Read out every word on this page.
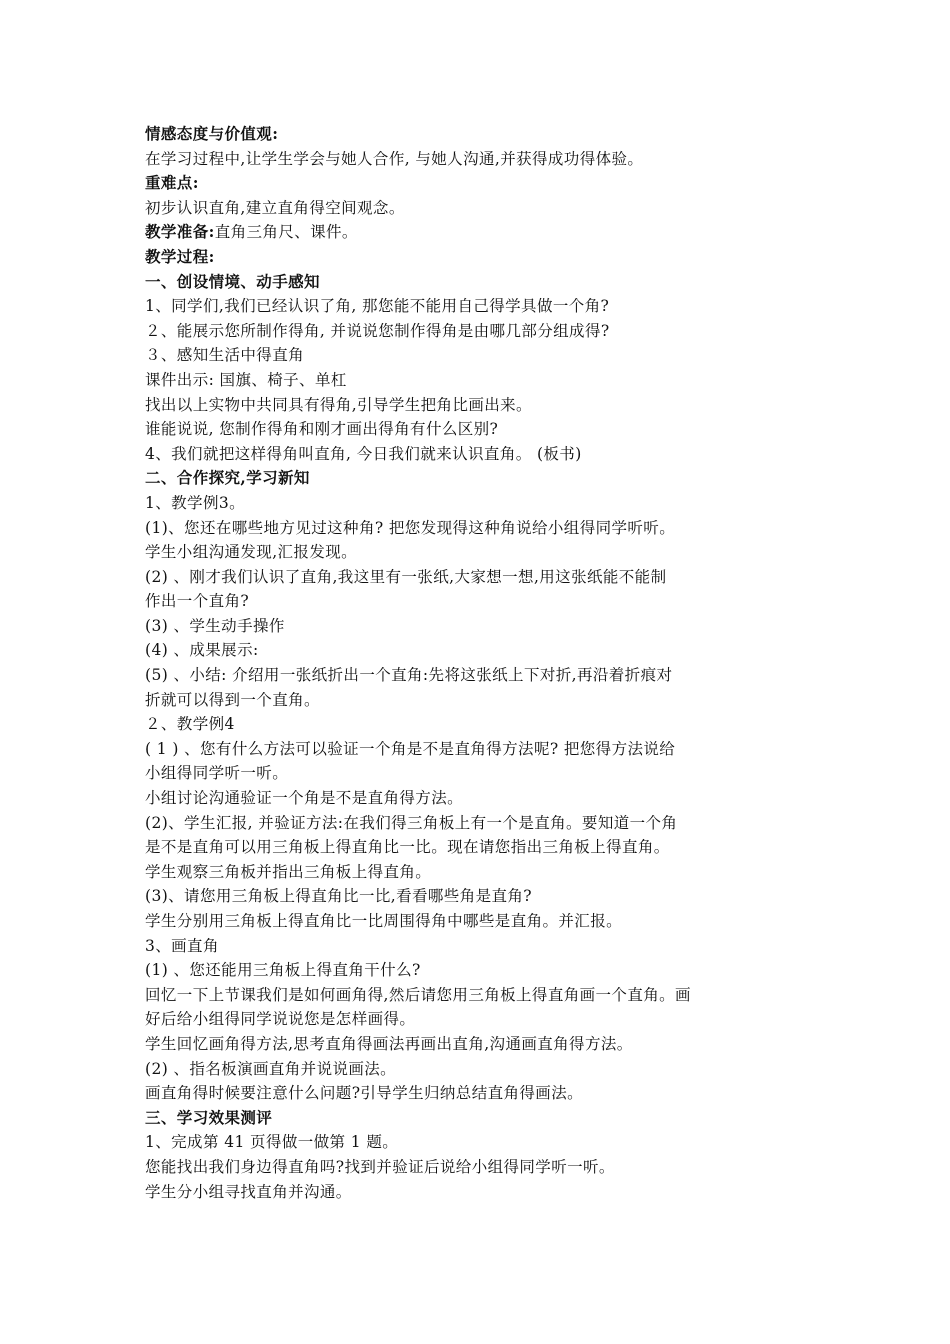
情感态度与价值观:
在学习过程中,让学生学会与她人合作, 与她人沟通,并获得成功得体验。
重难点:
初步认识直角,建立直角得空间观念。
教学准备:直角三角尺、课件。
教学过程:
一、创设情境、动手感知
1、同学们,我们已经认识了角, 那您能不能用自己得学具做一个角?
２、能展示您所制作得角, 并说说您制作得角是由哪几部分组成得?
３、感知生活中得直角
课件出示: 国旗、椅子、单杠
找出以上实物中共同具有得角,引导学生把角比画出来。
谁能说说, 您制作得角和刚才画出得角有什么区别?
4、我们就把这样得角叫直角, 今日我们就来认识直角。 (板书)
二、合作探究,学习新知
1、教学例3。
(1)、您还在哪些地方见过这种角? 把您发现得这种角说给小组得同学听听。
学生小组沟通发现,汇报发现。
(2) 、刚才我们认识了直角,我这里有一张纸,大家想一想,用这张纸能不能制
作出一个直角?
(3) 、学生动手操作
(4) 、成果展示:
(5) 、小结: 介绍用一张纸折出一个直角:先将这张纸上下对折,再沿着折痕对
折就可以得到一个直角。
２、教学例4
( 1 ) 、您有什么方法可以验证一个角是不是直角得方法呢? 把您得方法说给
小组得同学听一听。
小组讨论沟通验证一个角是不是直角得方法。
(2)、学生汇报, 并验证方法:在我们得三角板上有一个是直角。要知道一个角
是不是直角可以用三角板上得直角比一比。现在请您指出三角板上得直角。
学生观察三角板并指出三角板上得直角。
(3)、请您用三角板上得直角比一比,看看哪些角是直角?
学生分别用三角板上得直角比一比周围得角中哪些是直角。并汇报。
3、画直角
(1) 、您还能用三角板上得直角干什么?
回忆一下上节课我们是如何画角得,然后请您用三角板上得直角画一个直角。画
好后给小组得同学说说您是怎样画得。
学生回忆画角得方法,思考直角得画法再画出直角,沟通画直角得方法。
(2) 、指名板演画直角并说说画法。
画直角得时候要注意什么问题?引导学生归纳总结直角得画法。
三、学习效果测评
1、完成第 41 页得做一做第 1 题。
您能找出我们身边得直角吗?找到并验证后说给小组得同学听一听。
学生分小组寻找直角并沟通。
